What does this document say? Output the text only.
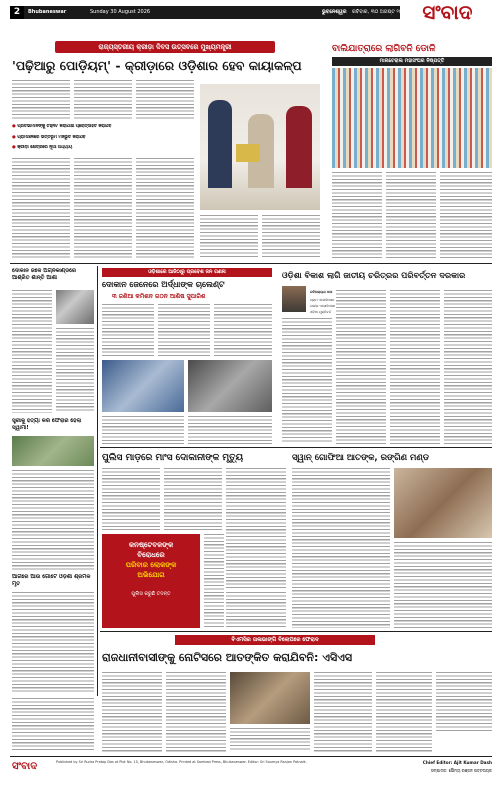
2	Bhubaneswar	Sunday 30 August 2026	ଭୁବନେଶ୍ୱର ରବିବାର, ୩୦ ଅଗଷ୍ଟ ୨୦୨୬ ସଂବାଦ
ରାଜ୍ୟସ୍ତରୀୟ କ୍ରୀଡ଼ା ଦିବସ ଉତ୍ସବରେ ମୁଖ୍ୟମନ୍ତ୍ରୀ
'ପଢ଼ିଆରୁ ପୋଡ଼ିୟମ୍' - କ୍ରୀଡ଼ାରେ ଓଡ଼ିଶାର ହେବ କାୟାକଳ୍ପ
● ପ୍ରତିଭାମାନଙ୍କୁ ଚିହ୍ନଟ କରାଯାଇ ପ୍ରୋତ୍ସାହିତ କରାଯିବ
● ଗ୍ରାମାଞ୍ଚଳରେ ଭିତ୍ତିଭୂମି ମଜଭୁତ କରାଯିବ
● କ୍ରୀଡ଼ା କ୍ଷେତ୍ରରେ ନୂଆ ଅଧ୍ୟାୟ
ବାଲିଯାତ୍ରାରେ ଲାଗିବନି ଡୋଳି
ମାନାଟେରାଲ ମହାସଂଘର ନିଷ୍ପତ୍ତି
ଦୋକାନ ଜଳେ ଅଗ୍ନିକାଣ୍ଡରେ ଆଶ୍ରିତ ଶାନ୍ତି ଆଶା
ସ୍ତ୍ରୀକୁ ହତ୍ୟା କରି ଫେରାର ହେଲା ସ୍ୱାମୀ!
ଆଗରେ ଆଉ ଗୋଟେ ଓଡ଼ିଶୀ ଶ୍ରମିକ ମୃତ
ଓଡ଼ିଶାରେ ଆଜିଠାରୁ ପ୍ରବେଶ ଜନ ଗଣନା
ଦୋକାନ ଜେନେରେ ଅର୍ଦ୍ଧାଙ୍କ ଚାଲେଣ୍ଟ
୩ ଜଣିଆ କମିଶନ ଗଠନ ଆଶିଷ ସୁପାରିଶ
ଓଡ଼ିଶା ବିକାଶ ଲାଗି ଜାତୀୟ ଚରିତ୍ରର ପରିବର୍ତ୍ତନ ଦରକାର
ରବିନାରାୟଣ ଦାସ
ଗ୍ରାମ ଏସୋସିଏସନ
ଗଭୀର ଏସୋସିଏସନ
ଓଡ଼ିଆ ଯୁକ୍ତିଚର୍ଚ୍ଚ
ପୁଲିସ ମାଡ଼ରେ ମାଂସ ଦୋକାନୀଙ୍କ ମୃତ୍ୟୁ
କନଷ୍ଟେବଳଙ୍କ
ବିରୋଧରେ
ପରିବାର ଲୋକଙ୍କ
ଅଭିଯୋଗ
ପୁଲିସ କରୁଛି ତଦନ୍ତ
ସ୍ୱାନ୍ ଗୋଫିଆ ଆତଙ୍କ, ରଙ୍ଗିଣ ମଣ୍ଡ
ବିଏମସିର ତାଳାଭାଙ୍ଗି ବିଲୋପରେ ଫେରାଦ
ରାଜଧାନୀବାସୀଙ୍କୁ ନୋଟିସରେ ଆତଙ୍କିତ କରାଯିବନି: ଏସିଏସ
ସଂବାଦ	Published by Sri Rudra Pratap Das at Plot No. 15, Bhubaneswar, Odisha. Printed at Sambad Press, Bhubaneswar. Editor: Sri Soumya Ranjan Patnaik.	Chief Editor: Ajit Kumar Dash
ସମ୍ପାଦକ: ସୌମ୍ୟ ରଞ୍ଜନ ପଟ୍ଟନାୟକ
